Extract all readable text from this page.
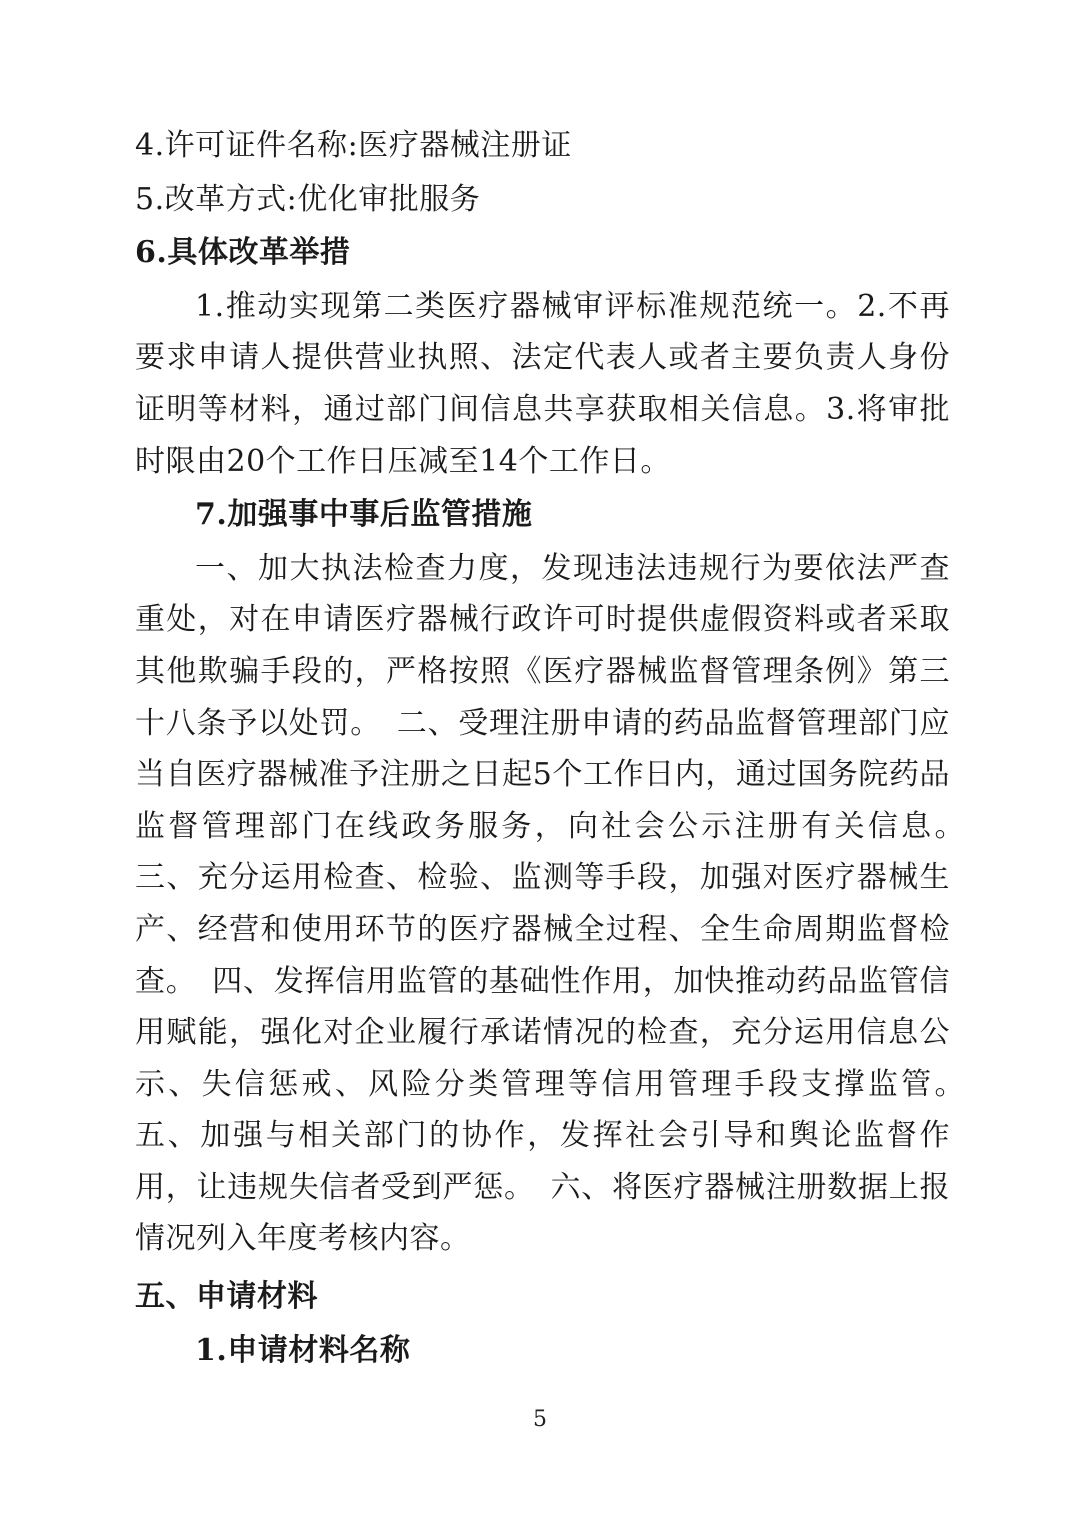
4.许可证件名称:医疗器械注册证
5.改革方式:优化审批服务
6.具体改革举措
1.推动实现第二类医疗器械审评标准规范统一。2.不再要求申请人提供营业执照、法定代表人或者主要负责人身份证明等材料，通过部门间信息共享获取相关信息。3.将审批时限由20个工作日压减至14个工作日。
7.加强事中事后监管措施
一、加大执法检查力度，发现违法违规行为要依法严查重处，对在申请医疗器械行政许可时提供虚假资料或者采取其他欺骗手段的，严格按照《医疗器械监督管理条例》第三十八条予以处罚。　二、受理注册申请的药品监督管理部门应当自医疗器械准予注册之日起5个工作日内，通过国务院药品监督管理部门在线政务服务，向社会公示注册有关信息。　三、充分运用检查、检验、监测等手段，加强对医疗器械生产、经营和使用环节的医疗器械全过程、全生命周期监督检查。　四、发挥信用监管的基础性作用，加快推动药品监管信用赋能，强化对企业履行承诺情况的检查，充分运用信息公示、失信惩戒、风险分类管理等信用管理手段支撑监管。　五、加强与相关部门的协作，发挥社会引导和舆论监督作用，让违规失信者受到严惩。　六、将医疗器械注册数据上报情况列入年度考核内容。
五、申请材料
1.申请材料名称
5
